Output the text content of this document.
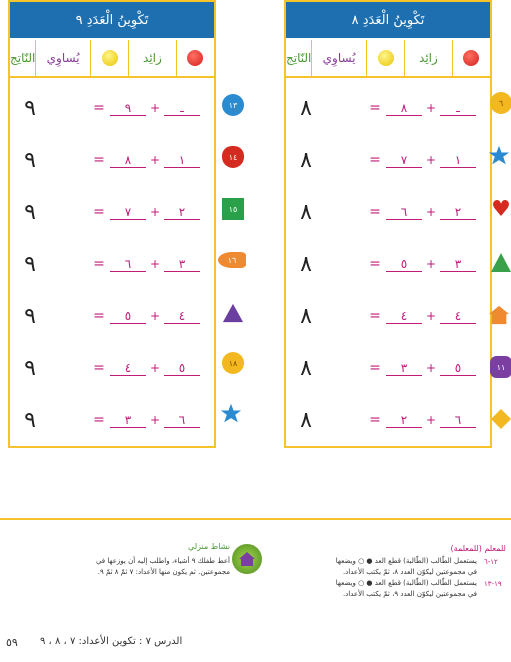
تَكْوِينُ الْعَدَدِ ٩
زائِد
يُساوِي
النّاتِج
ـ
+
٩
=
٩
١
+
٨
=
٩
٢
+
٧
=
٩
٣
+
٦
=
٩
٤
+
٥
=
٩
٥
+
٤
=
٩
٦
+
٣
=
٩
تَكْوِينُ الْعَدَدِ ٨
زائِد
يُساوِي
النّاتِج
ـ
+
٨
=
٨
١
+
٧
=
٨
٢
+
٦
=
٨
٣
+
٥
=
٨
٤
+
٤
=
٨
٥
+
٣
=
٨
٦
+
٢
=
٨
١٣
١٤
١٥
١٦
١٨
٦
♥
١١
نشاط منزلي
أعط طفلك ٩ أشياء، واطلب إليه أن يوزعها في
مجموعتين. ثم يكون منها الأعداد: ٧ ثمّ ٨ ثمّ ٩.
للمعلم (للمعلمة)
يستعمل الطّالب (الطّالبة) قطع العد ● ○ ويضعها
في مجموعتين ليكوّن العدد ٨، ثمّ يكتب الأعداد.
يستعمل الطّالب (الطّالبة) قطع العد ● ○ ويضعها
في مجموعتين ليكوّن العدد ٩، ثمّ يكتب الأعداد.
١٢-٦
١٩-١٣
٥٩ الدرس ٧ : تكوين الأعداد: ٧ ، ٨ ، ٩
